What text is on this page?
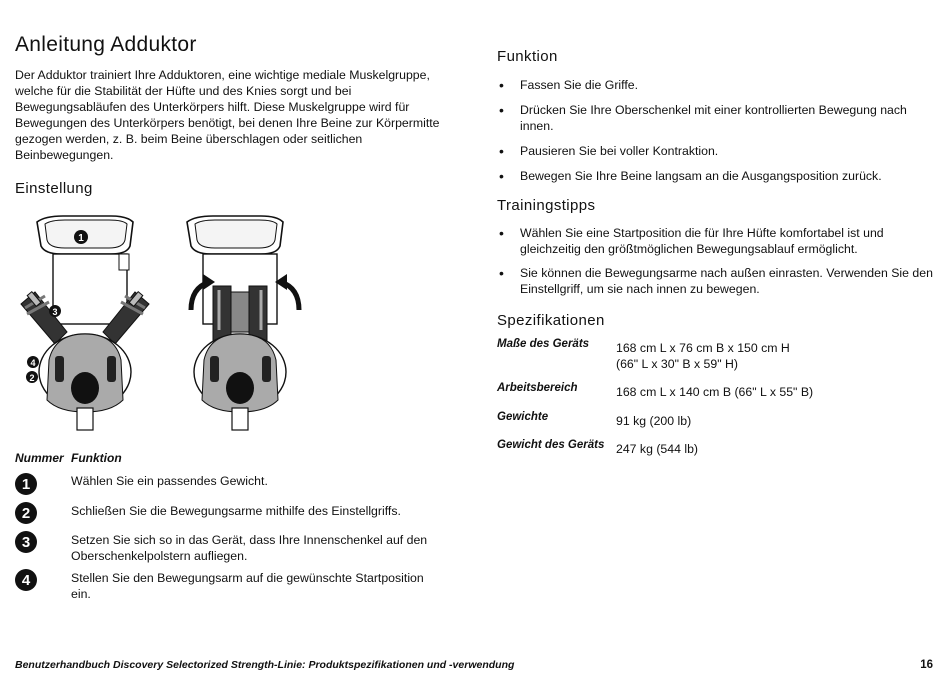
Anleitung Adduktor

Der Adduktor trainiert Ihre Adduktoren, eine wichtige mediale Muskelgruppe, welche für die Stabilität der Hüfte und des Knies sorgt und bei Bewegungsabläufen des Unterkörpers hilft. Diese Muskelgruppe wird für Bewegungen des Unterkörpers benötigt, bei denen Ihre Beine zur Körpermitte gezogen werden, z. B. beim Beine überschlagen oder seitlichen Beinbewegungen.

Einstellung
1
3
4
2
Nummer Funktion
1	Wählen Sie ein passendes Gewicht.
2	Schließen Sie die Bewegungsarme mithilfe des Einstellgriffs.
3	Setzen Sie sich so in das Gerät, dass Ihre Innenschenkel auf den Oberschenkelpolstern aufliegen.
4	Stellen Sie den Bewegungsarm auf die gewünschte Startposition ein.
Funktion
• Fassen Sie die Griffe.
• Drücken Sie Ihre Oberschenkel mit einer kontrollierten Bewegung nach innen.
• Pausieren Sie bei voller Kontraktion.
• Bewegen Sie Ihre Beine langsam an die Ausgangsposition zurück.
Trainingstipps
• Wählen Sie eine Startposition die für Ihre Hüfte komfortabel ist und gleichzeitig den größtmöglichen Bewegungsablauf ermöglicht.
• Sie können die Bewegungsarme nach außen einrasten. Verwenden Sie den Einstellgriff, um sie nach innen zu bewegen.
Spezifikationen
Maße des Geräts 168 cm L x 76 cm B x 150 cm H
(66" L x 30" B x 59" H)
Arbeitsbereich	168 cm L x 140 cm B (66" L x 55" B)
Gewichte	91 kg (200 lb)
Gewicht des Geräts 247 kg (544 lb)
Benutzerhandbuch Discovery Selectorized Strength-Linie: Produktspezifikationen und -verwendung	16
